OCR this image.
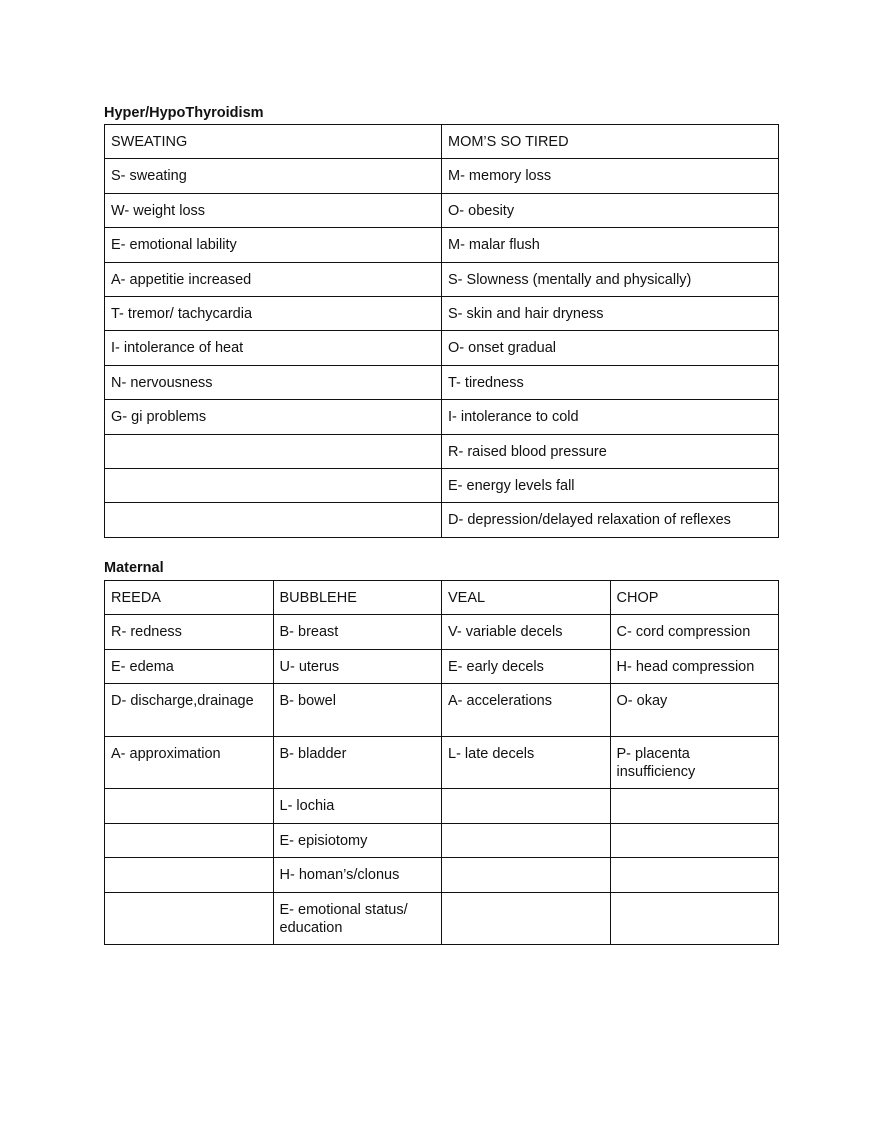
Hyper/HypoThyroidism
SWEATING	MOM’S SO TIRED
S- sweating	M- memory loss
W- weight loss	O- obesity
E- emotional lability	M- malar flush
A- appetitie increased	S- Slowness (mentally and physically)
T- tremor/ tachycardia	S- skin and hair dryness
I- intolerance of heat	O- onset gradual
N- nervousness	T- tiredness
G- gi problems	I- intolerance to cold
	R- raised blood pressure
	E- energy levels fall
	D- depression/delayed relaxation of reflexes
Maternal
REEDA	BUBBLEHE	VEAL	CHOP
R- redness	B- breast	V- variable decels	C- cord compression
E- edema	U- uterus	E- early decels	H- head compression
D- discharge,drainage	B- bowel	A- accelerations	O- okay
A- approximation	B- bladder	L- late decels	P- placenta insufficiency
	L- lochia		
	E- episiotomy		
	H- homan’s/clonus		
	E- emotional status/ education		
